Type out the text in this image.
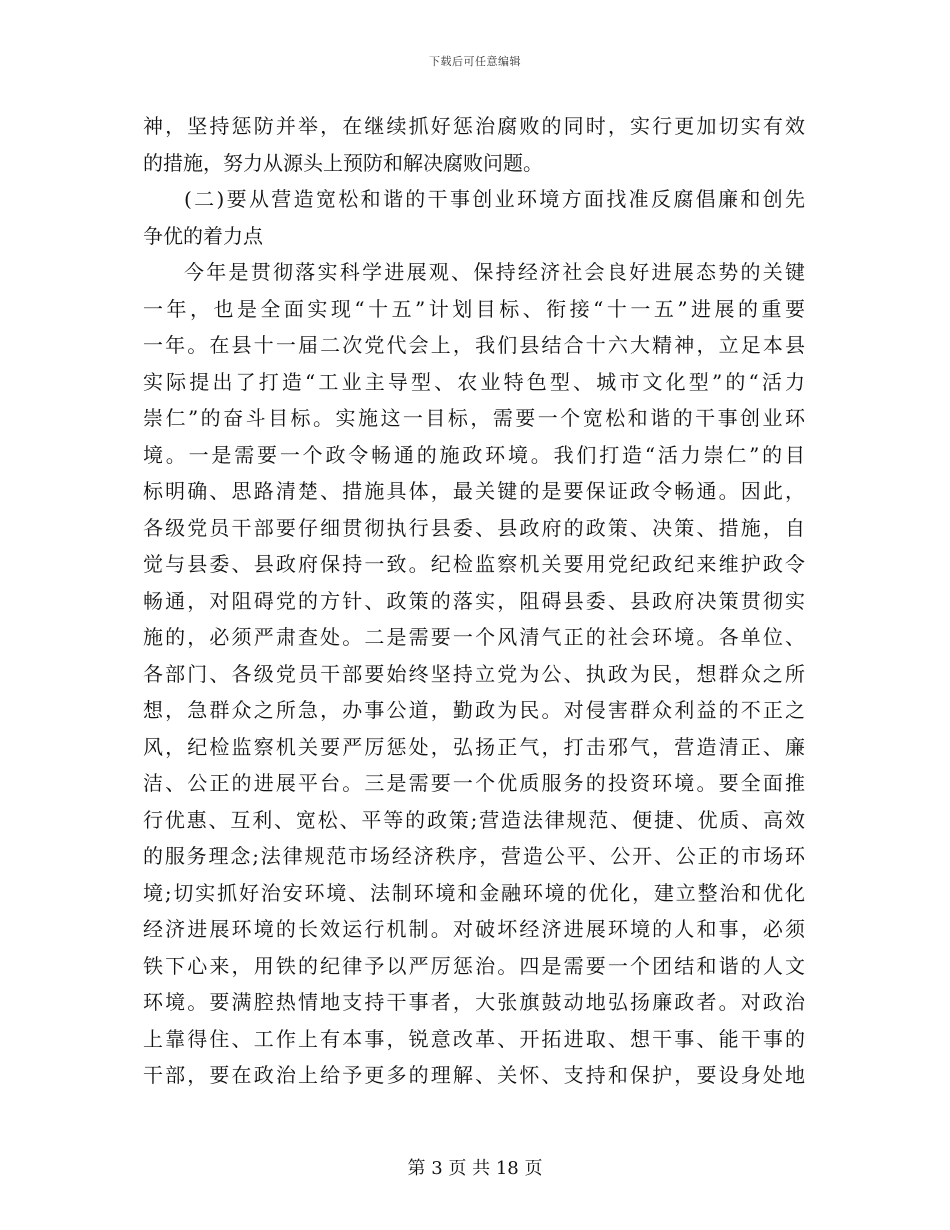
下载后可任意编辑
神，坚持惩防并举，在继续抓好惩治腐败的同时，实行更加切实有效
的措施，努力从源头上预防和解决腐败问题。
(二)要从营造宽松和谐的干事创业环境方面找准反腐倡廉和创先
争优的着力点
今年是贯彻落实科学进展观、保持经济社会良好进展态势的关键
一年，也是全面实现“十五”计划目标、衔接“十一五”进展的重要
一年。在县十一届二次党代会上，我们县结合十六大精神，立足本县
实际提出了打造“工业主导型、农业特色型、城市文化型”的“活力
崇仁”的奋斗目标。实施这一目标，需要一个宽松和谐的干事创业环
境。一是需要一个政令畅通的施政环境。我们打造“活力崇仁”的目
标明确、思路清楚、措施具体，最关键的是要保证政令畅通。因此，
各级党员干部要仔细贯彻执行县委、县政府的政策、决策、措施，自
觉与县委、县政府保持一致。纪检监察机关要用党纪政纪来维护政令
畅通，对阻碍党的方针、政策的落实，阻碍县委、县政府决策贯彻实
施的，必须严肃查处。二是需要一个风清气正的社会环境。各单位、
各部门、各级党员干部要始终坚持立党为公、执政为民，想群众之所
想，急群众之所急，办事公道，勤政为民。对侵害群众利益的不正之
风，纪检监察机关要严厉惩处，弘扬正气，打击邪气，营造清正、廉
洁、公正的进展平台。三是需要一个优质服务的投资环境。要全面推
行优惠、互利、宽松、平等的政策;营造法律规范、便捷、优质、高效
的服务理念;法律规范市场经济秩序，营造公平、公开、公正的市场环
境;切实抓好治安环境、法制环境和金融环境的优化，建立整治和优化
经济进展环境的长效运行机制。对破坏经济进展环境的人和事，必须
铁下心来，用铁的纪律予以严厉惩治。四是需要一个团结和谐的人文
环境。要满腔热情地支持干事者，大张旗鼓动地弘扬廉政者。对政治
上靠得住、工作上有本事，锐意改革、开拓进取、想干事、能干事的
干部，要在政治上给予更多的理解、关怀、支持和保护，要设身处地
第 3 页 共 18 页
